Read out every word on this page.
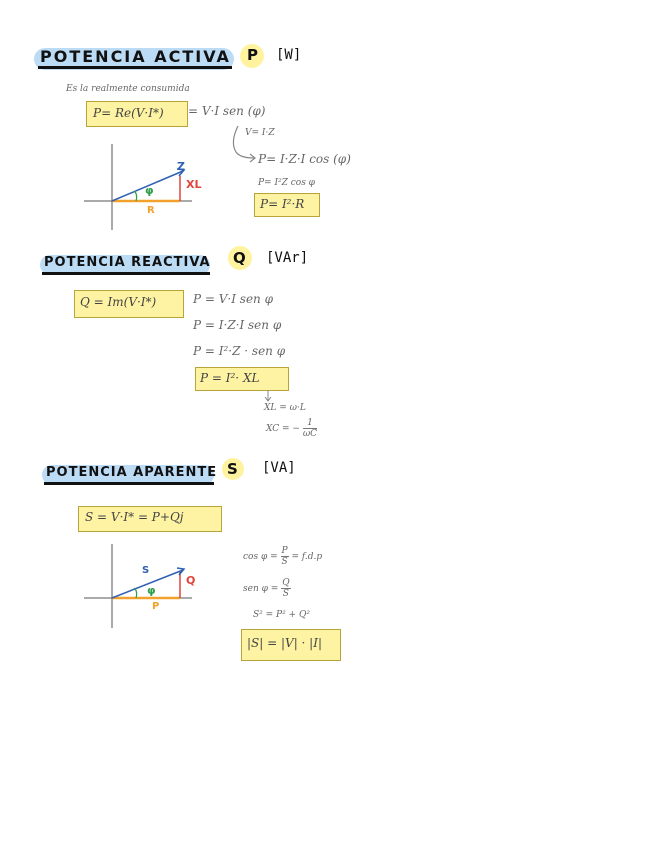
POTENCIA ACTIVA P [W]
Es la realmente consumida
P= Re(V·I*) = V·I sen (φ)
V= I·Z
P= I·Z·I cos (φ)
P= I²Z cos φ
P= I²·R
Z
φ	XL
R
POTENCIA REACTIVA Q [VAr]
Q = Im(V·I*)	P = V·I sen φ
P = I·Z·I sen φ
P = I²·Z · sen φ
P = I²· XL
XL = ω·L
XC = − $\frac{1}{\omega C}$
POTENCIA APARENTE S [VA]
S = V·I* = P+Qj
S
φ
Q
P
$\cos \varphi = \frac{P}{S} = f.d.p$
sen $\varphi = \frac{Q}{S}$
S² = P² + Q²
|S| = |V| · |I|
